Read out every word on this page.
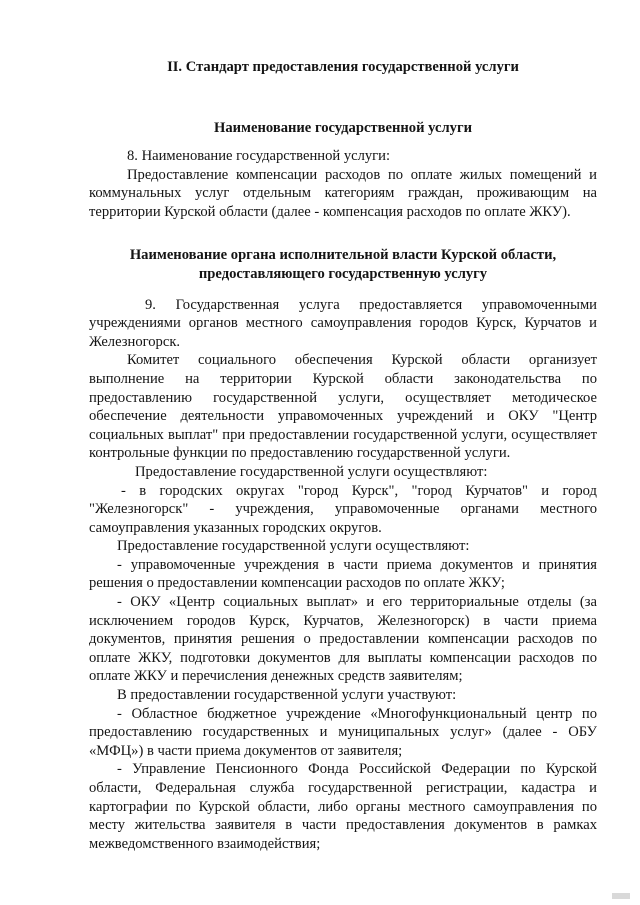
II. Стандарт предоставления государственной услуги

Наименование государственной услуги

8. Наименование государственной услуги:

Предоставление компенсации расходов по оплате жилых помещений и коммунальных услуг отдельным категориям граждан, проживающим на территории Курской области (далее - компенсация расходов по оплате ЖКУ).

Наименование органа исполнительной власти Курской области,
предоставляющего государственную услугу

9. Государственная услуга предоставляется управомоченными учреждениями органов местного самоуправления городов Курск, Курчатов и Железногорск.

Комитет социального обеспечения Курской области организует выполнение на территории Курской области законодательства по предоставлению государственной услуги, осуществляет методическое обеспечение деятельности управомоченных учреждений и ОКУ "Центр социальных выплат" при предоставлении государственной услуги, осуществляет контрольные функции по предоставлению государственной услуги.

Предоставление государственной услуги осуществляют:

- в городских округах "город Курск", "город Курчатов" и город "Железногорск" - учреждения, управомоченные органами местного самоуправления указанных городских округов.

Предоставление государственной услуги осуществляют:

- управомоченные учреждения в части приема документов и принятия решения о предоставлении компенсации расходов по оплате ЖКУ;

- ОКУ «Центр социальных выплат» и его территориальные отделы (за исключением городов Курск, Курчатов, Железногорск) в части приема документов, принятия решения о предоставлении компенсации расходов по оплате ЖКУ, подготовки документов для выплаты компенсации расходов по оплате ЖКУ и перечисления денежных средств заявителям;

В предоставлении государственной услуги участвуют:

- Областное бюджетное учреждение «Многофункциональный центр по предоставлению государственных и муниципальных услуг» (далее - ОБУ «МФЦ») в части приема документов от заявителя;

- Управление Пенсионного Фонда Российской Федерации по Курской области, Федеральная служба государственной регистрации, кадастра и картографии по Курской области, либо органы местного самоуправления по месту жительства заявителя в части предоставления документов в рамках межведомственного взаимодействия;
